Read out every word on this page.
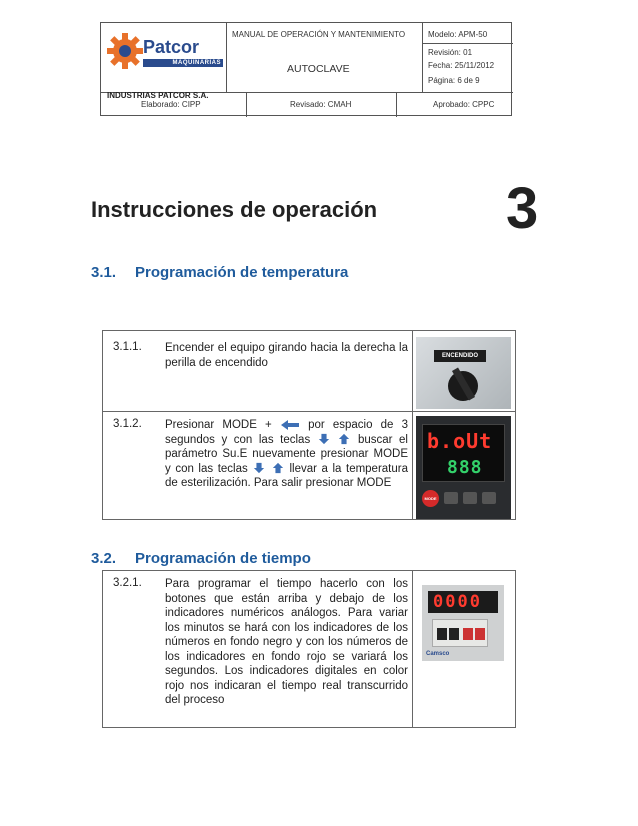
Patcor
MAQUINARIAS
INDUSTRIAS PATCOR S.A.
MANUAL DE OPERACIÓN Y MANTENIMIENTO
AUTOCLAVE
Modelo: APM-50
Revisión: 01
Fecha: 25/11/2012
Página: 6 de 9
Elaborado: CIPP	Revisado: CMAH	Aprobado: CPPC
Instrucciones de operación 3
3.1. Programación de temperatura
3.1.1. Encender el equipo girando hacia la derecha la perilla de encendido
ENCENDIDO
3.1.2. Presionar MODE +	por espacio de 3 segundos y con las teclas	buscar el parámetro Su.E nuevamente presionar MODE y con las teclas	llevar a la temperatura de esterilización. Para salir presionar MODE
b.oUt
888
MODE
3.2. Programación de tiempo
3.2.1. Para programar el tiempo hacerlo con los botones que están arriba y debajo de los indicadores numéricos análogos. Para variar los minutos se hará con los indicadores de los números en fondo negro y con los números de los indicadores en fondo rojo se variará los segundos. Los indicadores digitales en color rojo nos indicaran el tiempo real transcurrido del proceso
0000
Camsco
